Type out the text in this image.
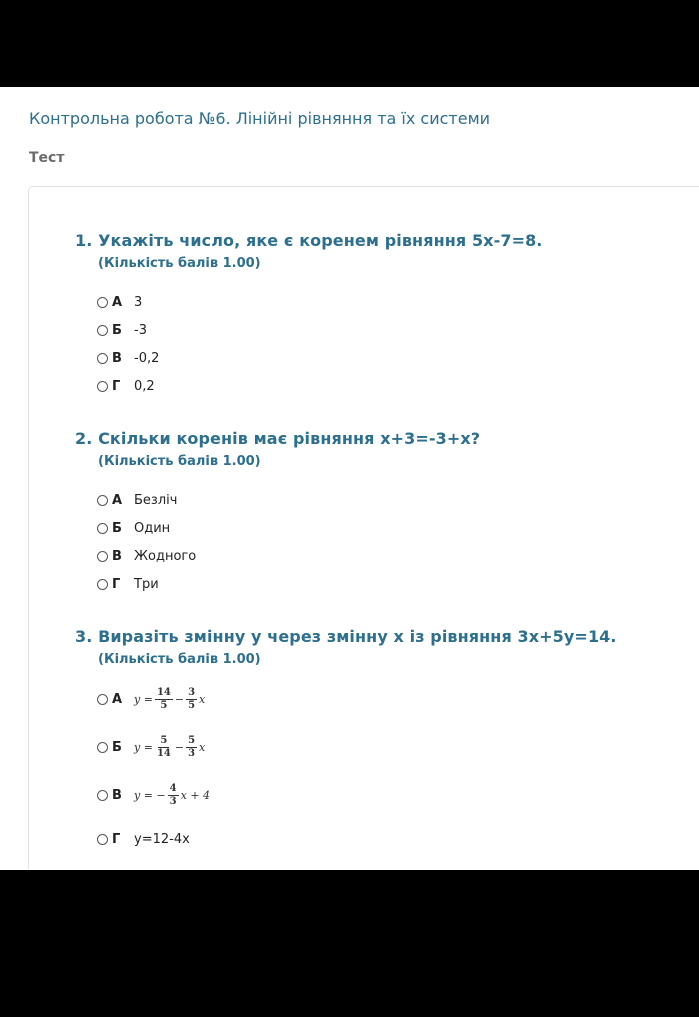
Контрольна робота №6. Лінійні рівняння та їх системи
Тест
1. Укажіть число, яке є коренем рівняння 5х-7=8.
(Кількість балів 1.00)
А 3
Б -3
В -0,2
Г	0,2
2. Скільки коренів має рівняння х+3=-3+х?
(Кількість балів 1.00)
А Безліч
Б Один
В Жодного
Г	Три
3. Виразіть змінну у через змінну х із рівняння 3х+5у=14.
(Кількість балів 1.00)
А	$y = \frac{14}{5} - \frac{3}{5}$ x
Б	$y = \frac{5}{14} - \frac{5}{3}$ x
В	y = − $\frac{4}{3}$ x + 4
Г	у=12-4х
